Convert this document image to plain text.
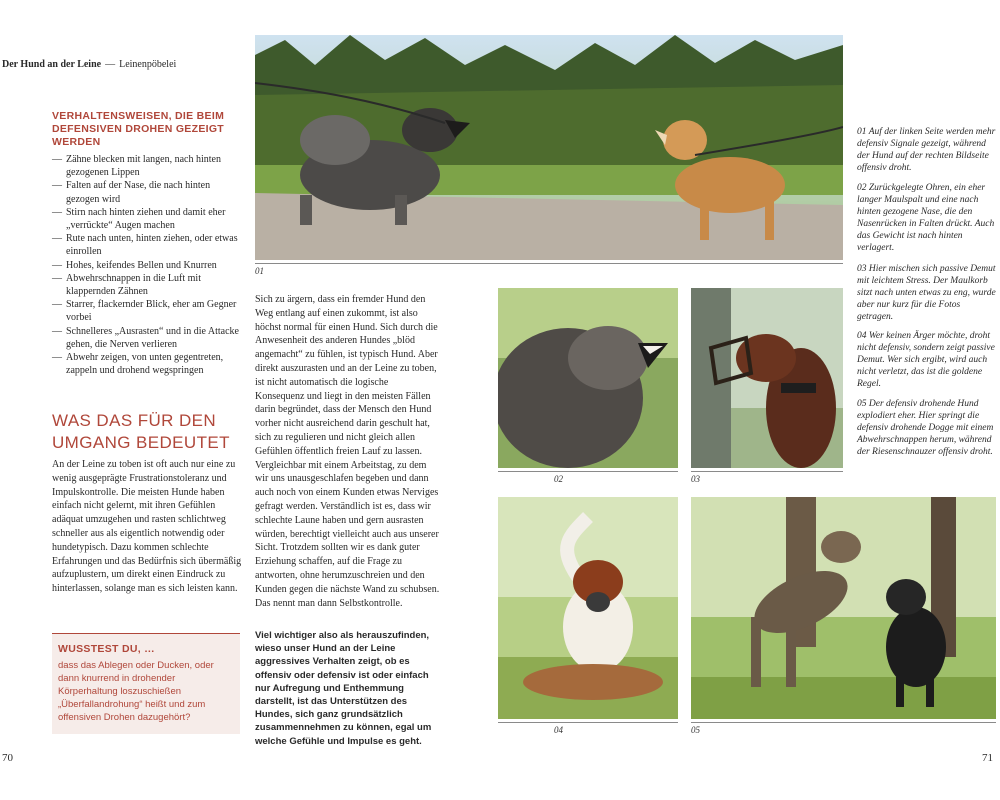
Der Hund an der Leine — Leinenpöbelei
VERHALTENSWEISEN, DIE BEIM DEFENSIVEN DROHEN GEZEIGT WERDEN
— Zähne blecken mit langen, nach hinten gezogenen Lippen
— Falten auf der Nase, die nach hinten gezogen wird
— Stirn nach hinten ziehen und damit eher „verrückte“ Augen machen
— Rute nach unten, hinten ziehen, oder etwas einrollen
— Hohes, keifendes Bellen und Knurren
— Abwehrschnappen in die Luft mit klappernden Zähnen
— Starrer, flackernder Blick, eher am Gegner vorbei
— Schnelleres „Ausrasten“ und in die Attacke gehen, die Nerven verlieren
— Abwehr zeigen, von unten gegentreten, zappeln und drohend wegspringen
WAS DAS FÜR DEN UMGANG BEDEUTET

An der Leine zu toben ist oft auch nur eine zu wenig ausgeprägte Frustrationstoleranz und Impulskontrolle. Die meisten Hunde haben einfach nicht gelernt, mit ihren Gefühlen adäquat umzugehen und rasten schlichtweg schneller aus als eigentlich notwendig oder hundetypisch. Dazu kommen schlechte Erfahrungen und das Bedürfnis sich übermäßig aufzuplustern, um direkt einen Eindruck zu hinterlassen, solange man es sich leisten kann.

WUSSTEST DU, …

dass das Ablegen oder Ducken, oder dann knurrend in drohender Körperhaltung loszuschießen „Überfallandrohung“ heißt und zum offensiven Drohen dazugehört?

70	71

Sich zu ärgern, dass ein fremder Hund den Weg entlang auf einen zukommt, ist also höchst normal für einen Hund. Sich durch die Anwesenheit des anderen Hundes „blöd angemacht“ zu fühlen, ist typisch Hund. Aber direkt auszurasten und an der Leine zu toben, ist nicht automatisch die logische Konsequenz und liegt in den meisten Fällen darin begründet, dass der Mensch den Hund vorher nicht ausreichend darin geschult hat, sich zu regulieren und nicht gleich allen Gefühlen öffentlich freien Lauf zu lassen. Vergleichbar mit einem Arbeitstag, zu dem wir uns unausgeschlafen begeben und dann auch noch von einem Kunden etwas Nerviges gefragt werden. Verständlich ist es, dass wir schlechte Laune haben und gern ausrasten würden, berechtigt vielleicht auch aus unserer Sicht. Trotzdem sollten wir es dank guter Erziehung schaffen, auf die Frage zu antworten, ohne herumzuschreien und den Kunden gegen die nächste Wand zu schubsen. Das nennt man dann Selbstkontrolle.

Viel wichtiger also als herauszufinden, wieso unser Hund an der Leine aggressives Verhalten zeigt, ob es offensiv oder defensiv ist oder einfach nur Aufregung und Enthemmung darstellt, ist das Unterstützen des Hundes, sich ganz grundsätzlich zusammennehmen zu können, egal um welche Gefühle und Impulse es geht.

01
02	03
04	05
01 Auf der linken Seite werden mehr defensiv Signale gezeigt, während der Hund auf der rechten Bildseite offensiv droht.
02 Zurückgelegte Ohren, ein eher langer Maulspalt und eine nach hinten gezogene Nase, die den Nasenrücken in Falten drückt. Auch das Gewicht ist nach hinten verlagert.
03 Hier mischen sich passive Demut mit leichtem Stress. Der Maulkorb sitzt nach unten etwas zu eng, wurde aber nur kurz für die Fotos getragen.
04 Wer keinen Ärger möchte, droht nicht defensiv, sondern zeigt passive Demut. Wer sich ergibt, wird auch nicht verletzt, das ist die goldene Regel.
05 Der defensiv drohende Hund explodiert eher. Hier springt die defensiv drohende Dogge mit einem Abwehrschnappen herum, während der Riesenschnauzer offensiv droht.
